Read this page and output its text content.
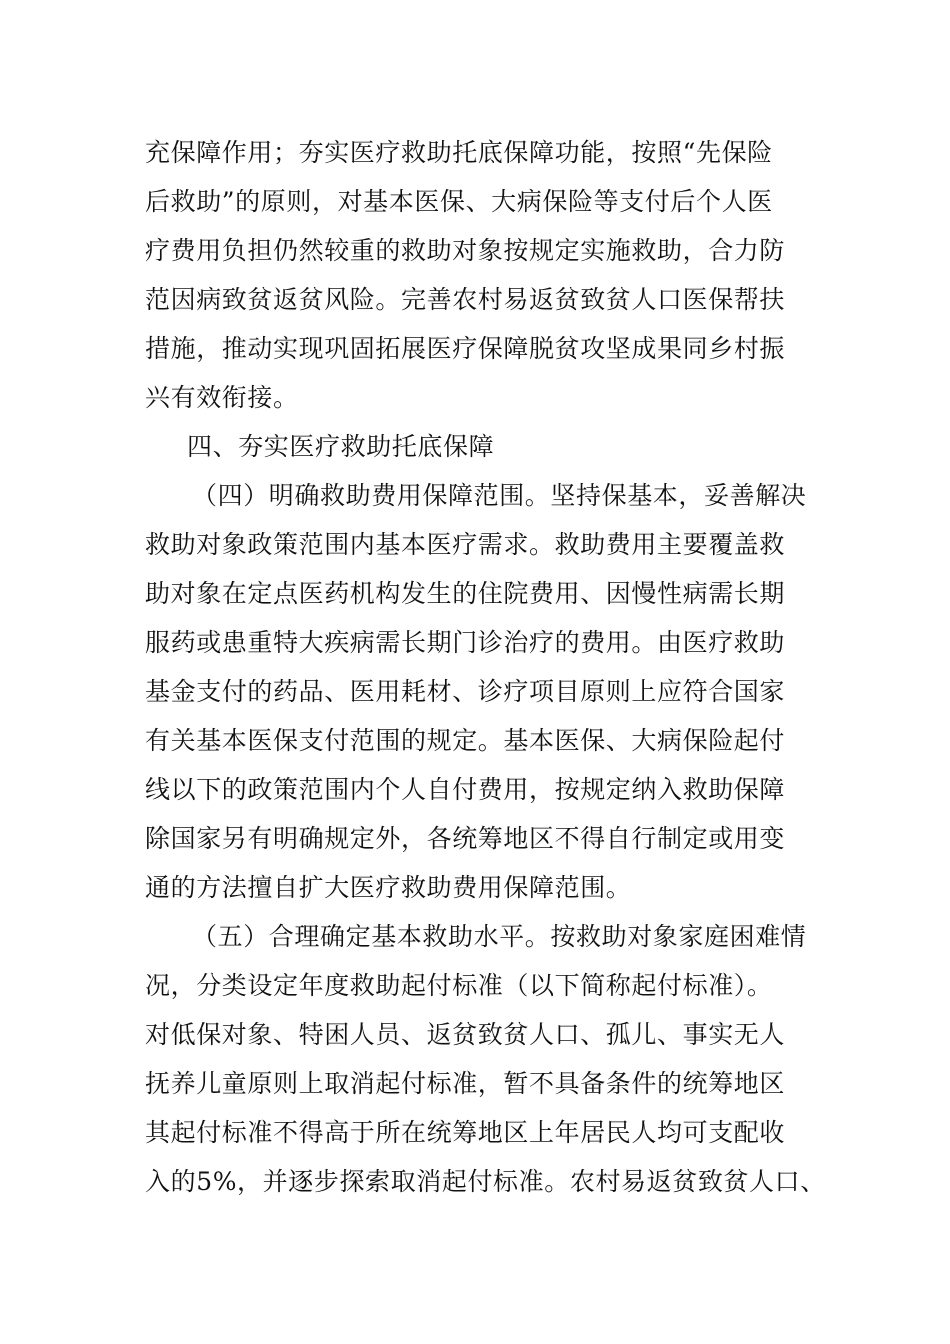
充保障作用；夯实医疗救助托底保障功能，按照“先保险
后救助”的原则，对基本医保、大病保险等支付后个人医
疗费用负担仍然较重的救助对象按规定实施救助，合力防
范因病致贫返贫风险。完善农村易返贫致贫人口医保帮扶
措施，推动实现巩固拓展医疗保障脱贫攻坚成果同乡村振
兴有效衔接。
四、夯实医疗救助托底保障
（四）明确救助费用保障范围。坚持保基本，妥善解决
救助对象政策范围内基本医疗需求。救助费用主要覆盖救
助对象在定点医药机构发生的住院费用、因慢性病需长期
服药或患重特大疾病需长期门诊治疗的费用。由医疗救助
基金支付的药品、医用耗材、诊疗项目原则上应符合国家
有关基本医保支付范围的规定。基本医保、大病保险起付
线以下的政策范围内个人自付费用，按规定纳入救助保障
除国家另有明确规定外，各统筹地区不得自行制定或用变
通的方法擅自扩大医疗救助费用保障范围。
（五）合理确定基本救助水平。按救助对象家庭困难情
况，分类设定年度救助起付标准（以下简称起付标准）。
对低保对象、特困人员、返贫致贫人口、孤儿、事实无人
抚养儿童原则上取消起付标准，暂不具备条件的统筹地区
其起付标准不得高于所在统筹地区上年居民人均可支配收
入的5%，并逐步探索取消起付标准。农村易返贫致贫人口、
